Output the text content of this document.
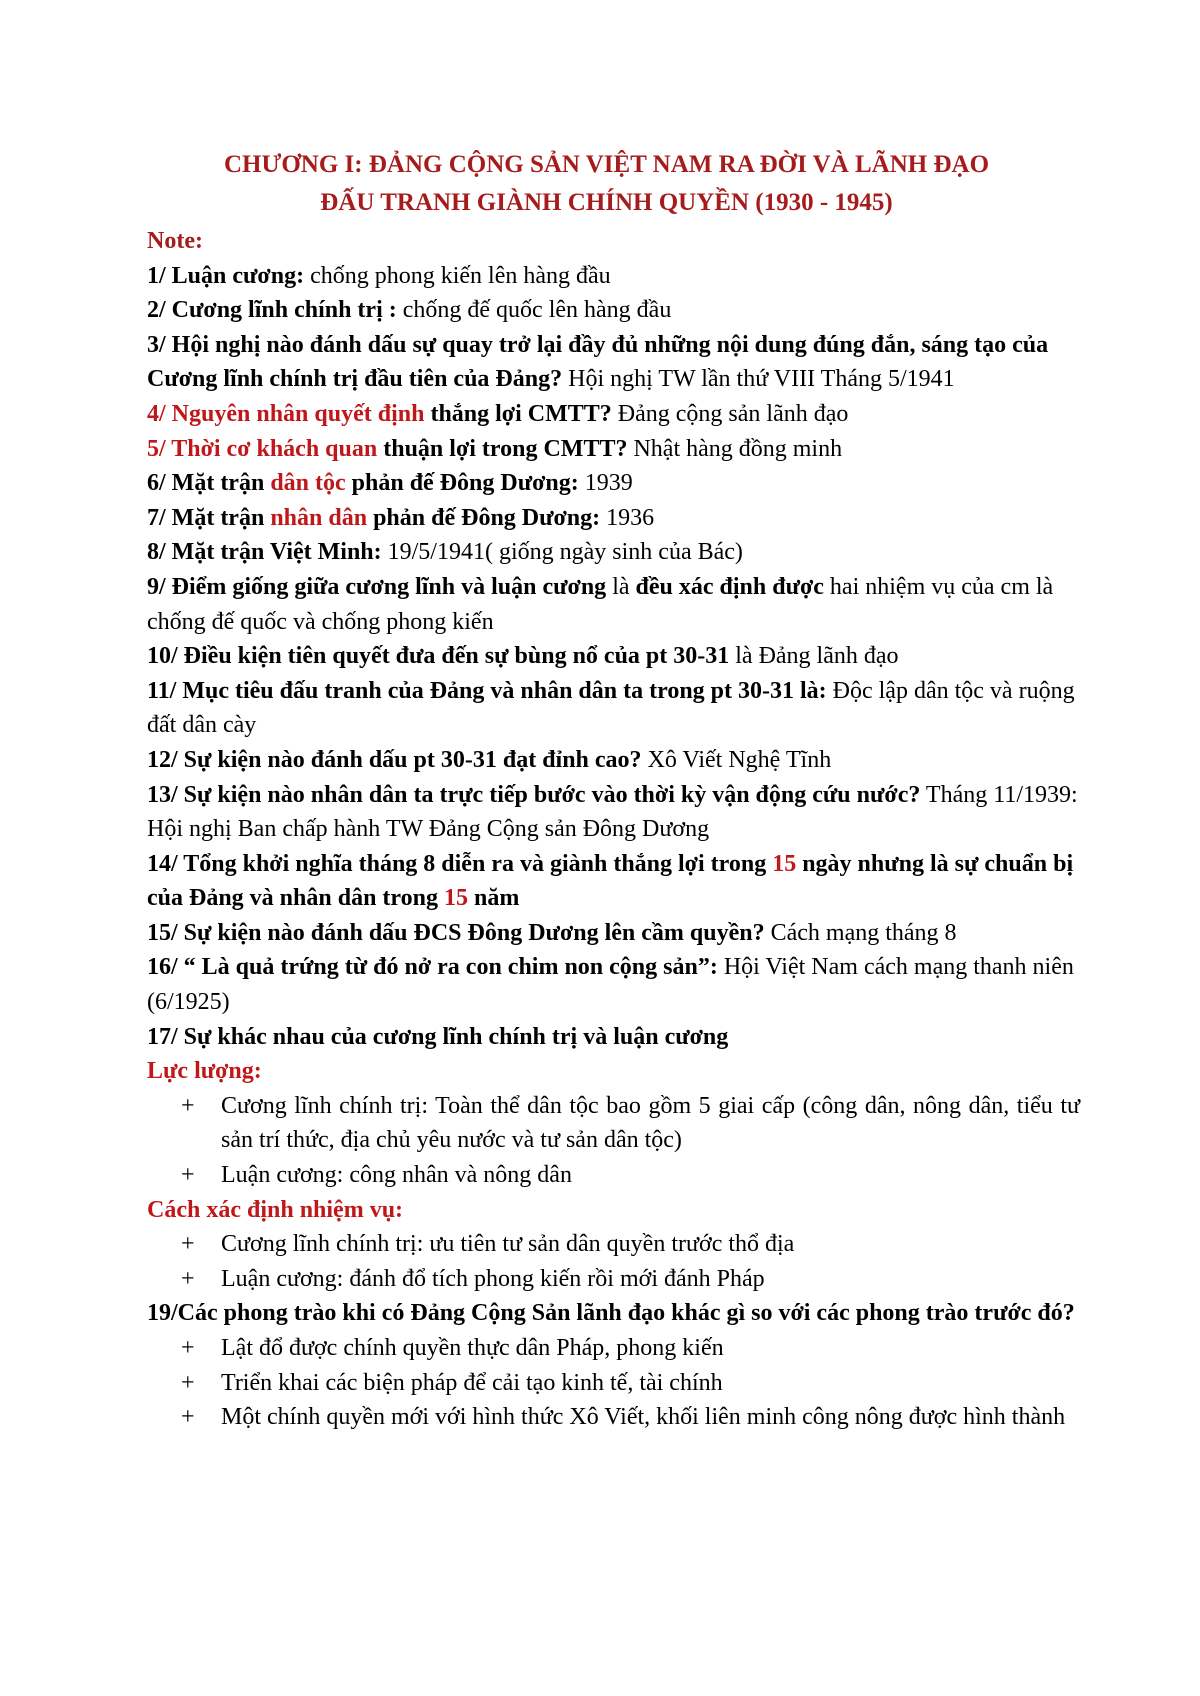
CHƯƠNG I: ĐẢNG CỘNG SẢN VIỆT NAM RA ĐỜI VÀ LÃNH ĐẠO
ĐẤU TRANH GIÀNH CHÍNH QUYỀN (1930 - 1945)

Note:

1/ Luận cương: chống phong kiến lên hàng đầu

2/ Cương lĩnh chính trị : chống đế quốc lên hàng đầu

3/ Hội nghị nào đánh dấu sự quay trở lại đầy đủ những nội dung đúng đắn, sáng tạo của Cương lĩnh chính trị đầu tiên của Đảng? Hội nghị TW lần thứ VIII Tháng 5/1941

4/ Nguyên nhân quyết định thắng lợi CMTT? Đảng cộng sản lãnh đạo

5/ Thời cơ khách quan thuận lợi trong CMTT? Nhật hàng đồng minh

6/ Mặt trận dân tộc phản đế Đông Dương: 1939

7/ Mặt trận nhân dân phản đế Đông Dương: 1936

8/ Mặt trận Việt Minh: 19/5/1941( giống ngày sinh của Bác)

9/ Điểm giống giữa cương lĩnh và luận cương là đều xác định được hai nhiệm vụ của cm là chống đế quốc và chống phong kiến

10/ Điều kiện tiên quyết đưa đến sự bùng nổ của pt 30-31 là Đảng lãnh đạo

11/ Mục tiêu đấu tranh của Đảng và nhân dân ta trong pt 30-31 là: Độc lập dân tộc và ruộng đất dân cày

12/ Sự kiện nào đánh dấu pt 30-31 đạt đỉnh cao? Xô Viết Nghệ Tĩnh

13/ Sự kiện nào nhân dân ta trực tiếp bước vào thời kỳ vận động cứu nước? Tháng 11/1939: Hội nghị Ban chấp hành TW Đảng Cộng sản Đông Dương

14/ Tổng khởi nghĩa tháng 8 diễn ra và giành thắng lợi trong 15 ngày nhưng là sự chuẩn bị của Đảng và nhân dân trong 15 năm

15/ Sự kiện nào đánh dấu ĐCS Đông Dương lên cầm quyền? Cách mạng tháng 8

16/ “ Là quả trứng từ đó nở ra con chim non cộng sản”: Hội Việt Nam cách mạng thanh niên (6/1925)

17/ Sự khác nhau của cương lĩnh chính trị và luận cương

Lực lượng:

+ Cương lĩnh chính trị: Toàn thể dân tộc bao gồm 5 giai cấp (công dân, nông dân, tiểu tư sản trí thức, địa chủ yêu nước và tư sản dân tộc)
+ Luận cương: công nhân và nông dân

Cách xác định nhiệm vụ:

+ Cương lĩnh chính trị: ưu tiên tư sản dân quyền trước thổ địa
+ Luận cương: đánh đổ tích phong kiến rồi mới đánh Pháp

19/Các phong trào khi có Đảng Cộng Sản lãnh đạo khác gì so với các phong trào trước đó?

+ Lật đổ được chính quyền thực dân Pháp, phong kiến
+ Triển khai các biện pháp để cải tạo kinh tế, tài chính
+ Một chính quyền mới với hình thức Xô Viết, khối liên minh công nông được hình thành
